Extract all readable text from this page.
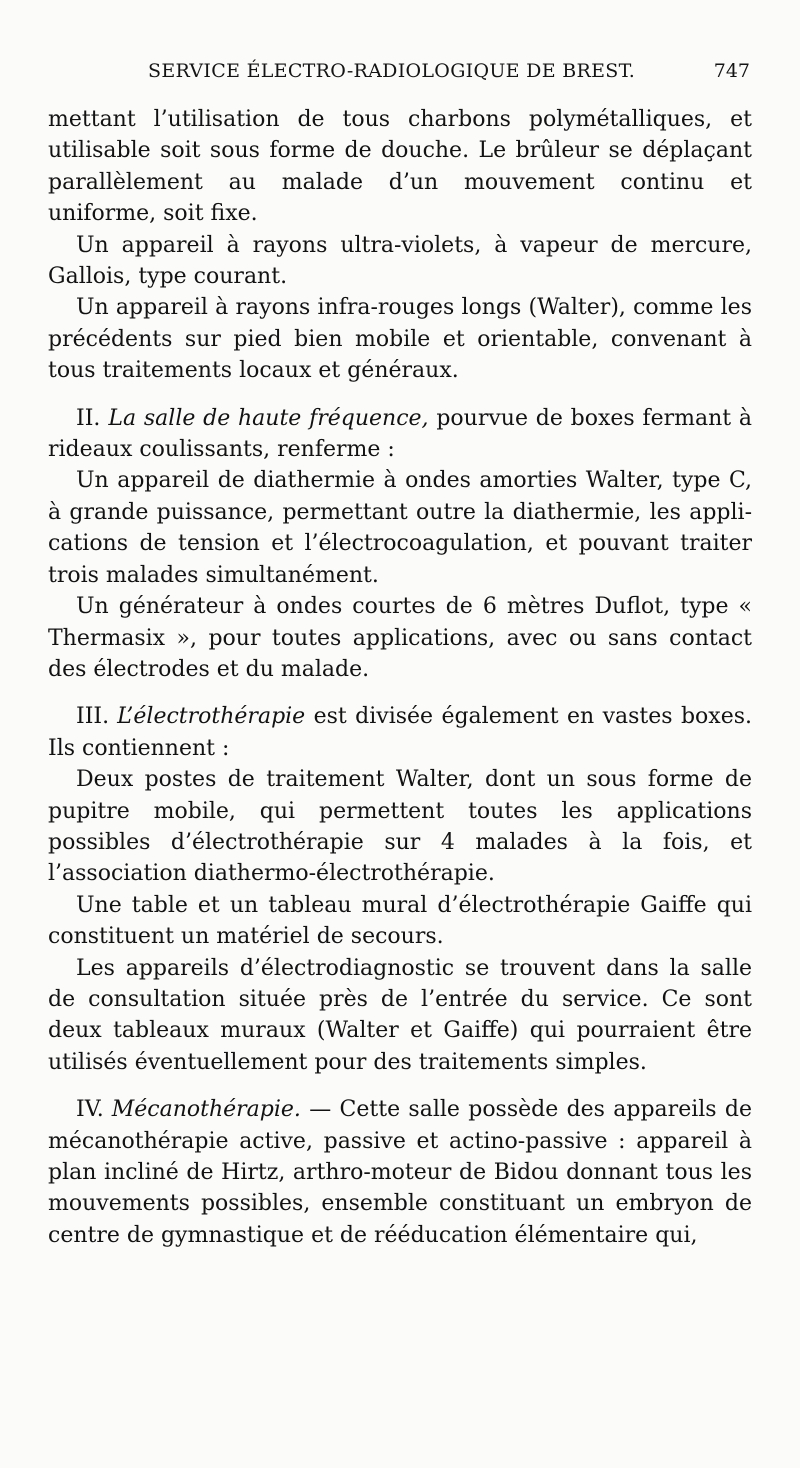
SERVICE ÉLECTRO-RADIOLOGIQUE DE BREST.	747

mettant l’utilisation de tous charbons polymétalliques, et utilisable soit sous forme de douche. Le brûleur se déplaçant parallèlement au malade d’un mouvement continu et uniforme, soit fixe.

Un appareil à rayons ultra-violets, à vapeur de mercure, Gallois, type courant.

Un appareil à rayons infra-rouges longs (Walter), comme les précédents sur pied bien mobile et orientable, convenant à tous traitements locaux et généraux.

II. La salle de haute fréquence, pourvue de boxes fermant à rideaux coulissants, renferme :

Un appareil de diathermie à ondes amorties Walter, type C, à grande puissance, permettant outre la diathermie, les applications de tension et l’électrocoagulation, et pouvant traiter trois malades simultanément.

Un générateur à ondes courtes de 6 mètres Duflot, type « Thermasix », pour toutes applications, avec ou sans contact des électrodes et du malade.

III. L’électrothérapie est divisée également en vastes boxes. Ils contiennent :

Deux postes de traitement Walter, dont un sous forme de pupitre mobile, qui permettent toutes les applications possibles d’électrothérapie sur 4 malades à la fois, et l’association diathermo-électrothérapie.

Une table et un tableau mural d’électrothérapie Gaiffe qui constituent un matériel de secours.

Les appareils d’électrodiagnostic se trouvent dans la salle de consultation située près de l’entrée du service. Ce sont deux tableaux muraux (Walter et Gaiffe) qui pourraient être utilisés éventuellement pour des traitements simples.

IV. Mécanothérapie. — Cette salle possède des appareils de mécanothérapie active, passive et actino-passive : appareil à plan incliné de Hirtz, arthro-moteur de Bidou donnant tous les mouvements possibles, ensemble constituant un embryon de centre de gymnastique et de rééducation élémentaire qui,
